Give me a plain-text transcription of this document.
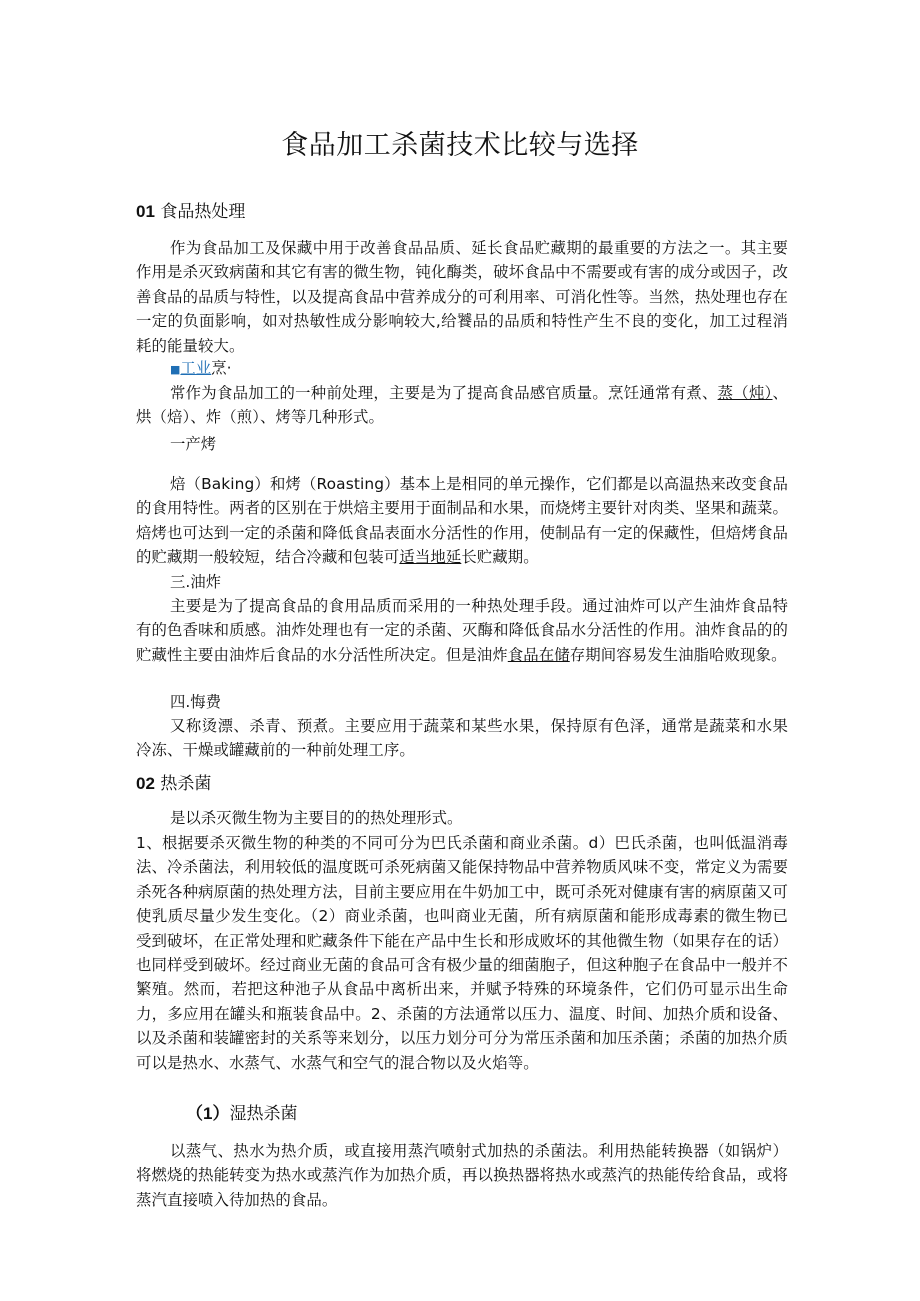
食品加工杀菌技术比较与选择
01 食品热处理
作为食品加工及保藏中用于改善食品品质、延长食品贮藏期的最重要的方法之一。其主要作用是杀灭致病菌和其它有害的微生物，钝化酶类，破坏食品中不需要或有害的成分或因子，改善食品的品质与特性，以及提高食品中营养成分的可利用率、可消化性等。当然，热处理也存在一定的负面影响，如对热敏性成分影响较大,给饕品的品质和特性产生不良的变化，加工过程消耗的能量较大。
■工业烹·
常作为食品加工的一种前处理，主要是为了提高食品感官质量。烹饪通常有煮、蒸（炖）、烘（焙）、炸（煎）、烤等几种形式。
一产烤
焙（Baking）和烤（Roasting）基本上是相同的单元操作，它们都是以高温热来改变食品的食用特性。两者的区别在于烘焙主要用于面制品和水果，而烧烤主要针对肉类、坚果和蔬菜。焙烤也可达到一定的杀菌和降低食品表面水分活性的作用，使制品有一定的保藏性，但焙烤食品的贮藏期一般较短，结合冷藏和包装可适当地延长贮藏期。
三.油炸
主要是为了提高食品的食用品质而采用的一种热处理手段。通过油炸可以产生油炸食品特有的色香味和质感。油炸处理也有一定的杀菌、灭酶和降低食品水分活性的作用。油炸食品的的贮藏性主要由油炸后食品的水分活性所决定。但是油炸食品在储存期间容易发生油脂哈败现象。
四.悔费
又称烫漂、杀青、预煮。主要应用于蔬菜和某些水果，保持原有色泽，通常是蔬菜和水果冷冻、干燥或罐藏前的一种前处理工序。
02 热杀菌
是以杀灭微生物为主要目的的热处理形式。
1、根据要杀灭微生物的种类的不同可分为巴氏杀菌和商业杀菌。d）巴氏杀菌，也叫低温消毒法、冷杀菌法，利用较低的温度既可杀死病菌又能保持物品中营养物质风味不变，常定义为需要杀死各种病原菌的热处理方法，目前主要应用在牛奶加工中，既可杀死对健康有害的病原菌又可使乳质尽量少发生变化。（2）商业杀菌，也叫商业无菌，所有病原菌和能形成毒素的微生物已受到破坏，在正常处理和贮藏条件下能在产品中生长和形成败坏的其他微生物（如果存在的话）也同样受到破坏。经过商业无菌的食品可含有极少量的细菌胞子，但这种胞子在食品中一般并不繁殖。然而，若把这种池子从食品中离析出来，并赋予特殊的环境条件，它们仍可显示出生命力，多应用在罐头和瓶装食品中。2、杀菌的方法通常以压力、温度、时间、加热介质和设备、以及杀菌和装罐密封的关系等来划分，以压力划分可分为常压杀菌和加压杀菌；杀菌的加热介质可以是热水、水蒸气、水蒸气和空气的混合物以及火焰等。
（1）湿热杀菌
以蒸气、热水为热介质，或直接用蒸汽喷射式加热的杀菌法。利用热能转换器（如锅炉）将燃烧的热能转变为热水或蒸汽作为加热介质，再以换热器将热水或蒸汽的热能传给食品，或将蒸汽直接喷入待加热的食品。
